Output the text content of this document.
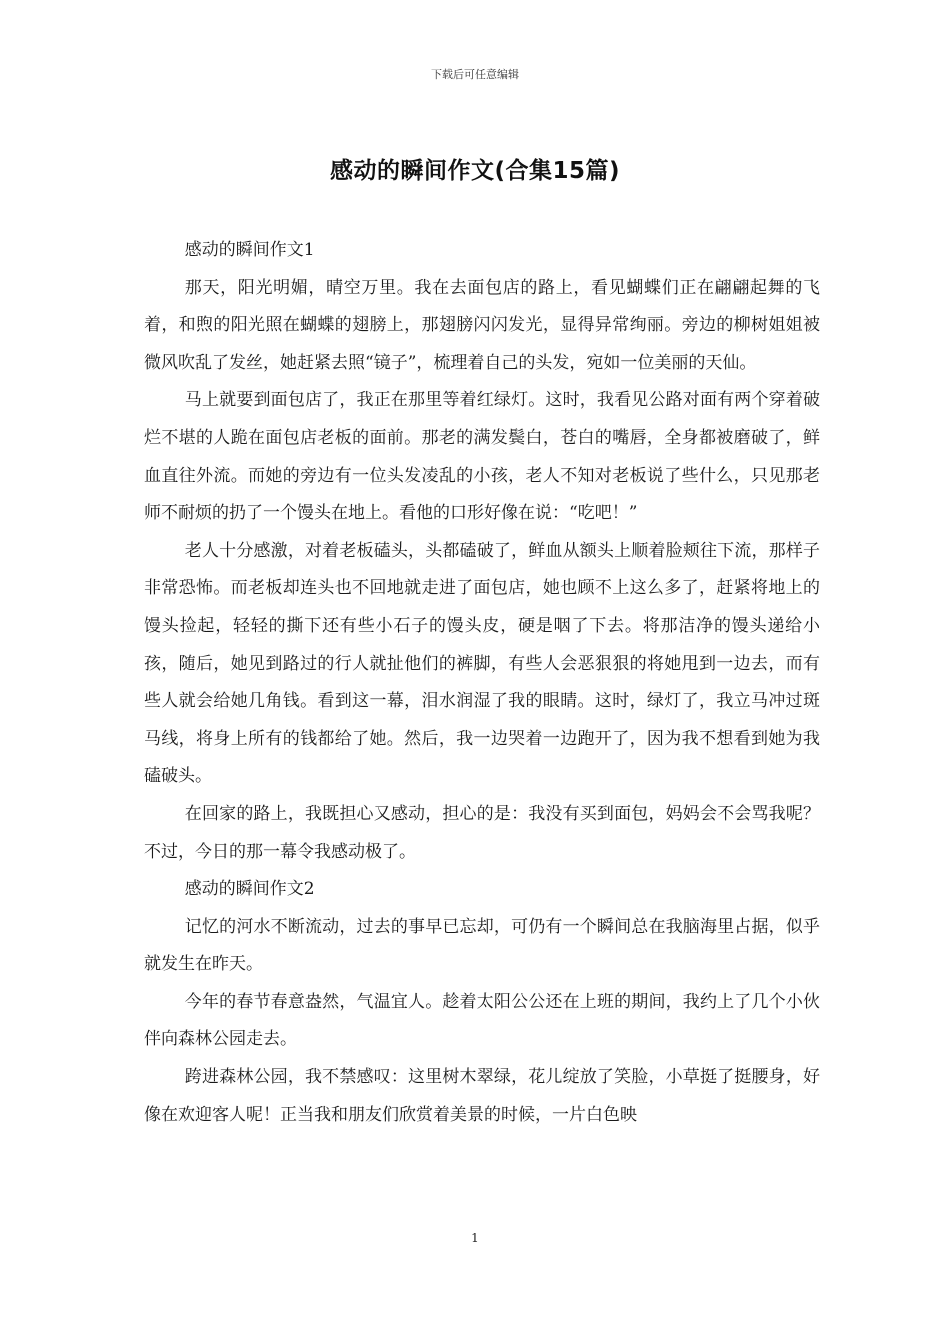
下载后可任意编辑
感动的瞬间作文(合集15篇)

感动的瞬间作文1

那天，阳光明媚，晴空万里。我在去面包店的路上，看见蝴蝶们正在翩翩起舞的飞着，和煦的阳光照在蝴蝶的翅膀上，那翅膀闪闪发光，显得异常绚丽。旁边的柳树姐姐被微风吹乱了发丝，她赶紧去照“镜子”，梳理着自己的头发，宛如一位美丽的天仙。

马上就要到面包店了，我正在那里等着红绿灯。这时，我看见公路对面有两个穿着破烂不堪的人跪在面包店老板的面前。那老的满发鬓白，苍白的嘴唇，全身都被磨破了，鲜血直往外流。而她的旁边有一位头发凌乱的小孩，老人不知对老板说了些什么，只见那老师不耐烦的扔了一个馒头在地上。看他的口形好像在说：“吃吧！”

老人十分感激，对着老板磕头，头都磕破了，鲜血从额头上顺着脸颊往下流，那样子非常恐怖。而老板却连头也不回地就走进了面包店，她也顾不上这么多了，赶紧将地上的馒头捡起，轻轻的撕下还有些小石子的馒头皮，硬是咽了下去。将那洁净的馒头递给小孩，随后，她见到路过的行人就扯他们的裤脚，有些人会恶狠狠的将她甩到一边去，而有些人就会给她几角钱。看到这一幕，泪水润湿了我的眼睛。这时，绿灯了，我立马冲过斑马线，将身上所有的钱都给了她。然后，我一边哭着一边跑开了，因为我不想看到她为我磕破头。

在回家的路上，我既担心又感动，担心的是：我没有买到面包，妈妈会不会骂我呢？不过，今日的那一幕令我感动极了。

感动的瞬间作文2

记忆的河水不断流动，过去的事早已忘却，可仍有一个瞬间总在我脑海里占据，似乎就发生在昨天。

今年的春节春意盎然，气温宜人。趁着太阳公公还在上班的期间，我约上了几个小伙伴向森林公园走去。

跨进森林公园，我不禁感叹：这里树木翠绿，花儿绽放了笑脸，小草挺了挺腰身，好像在欢迎客人呢！正当我和朋友们欣赏着美景的时候，一片白色映

1
